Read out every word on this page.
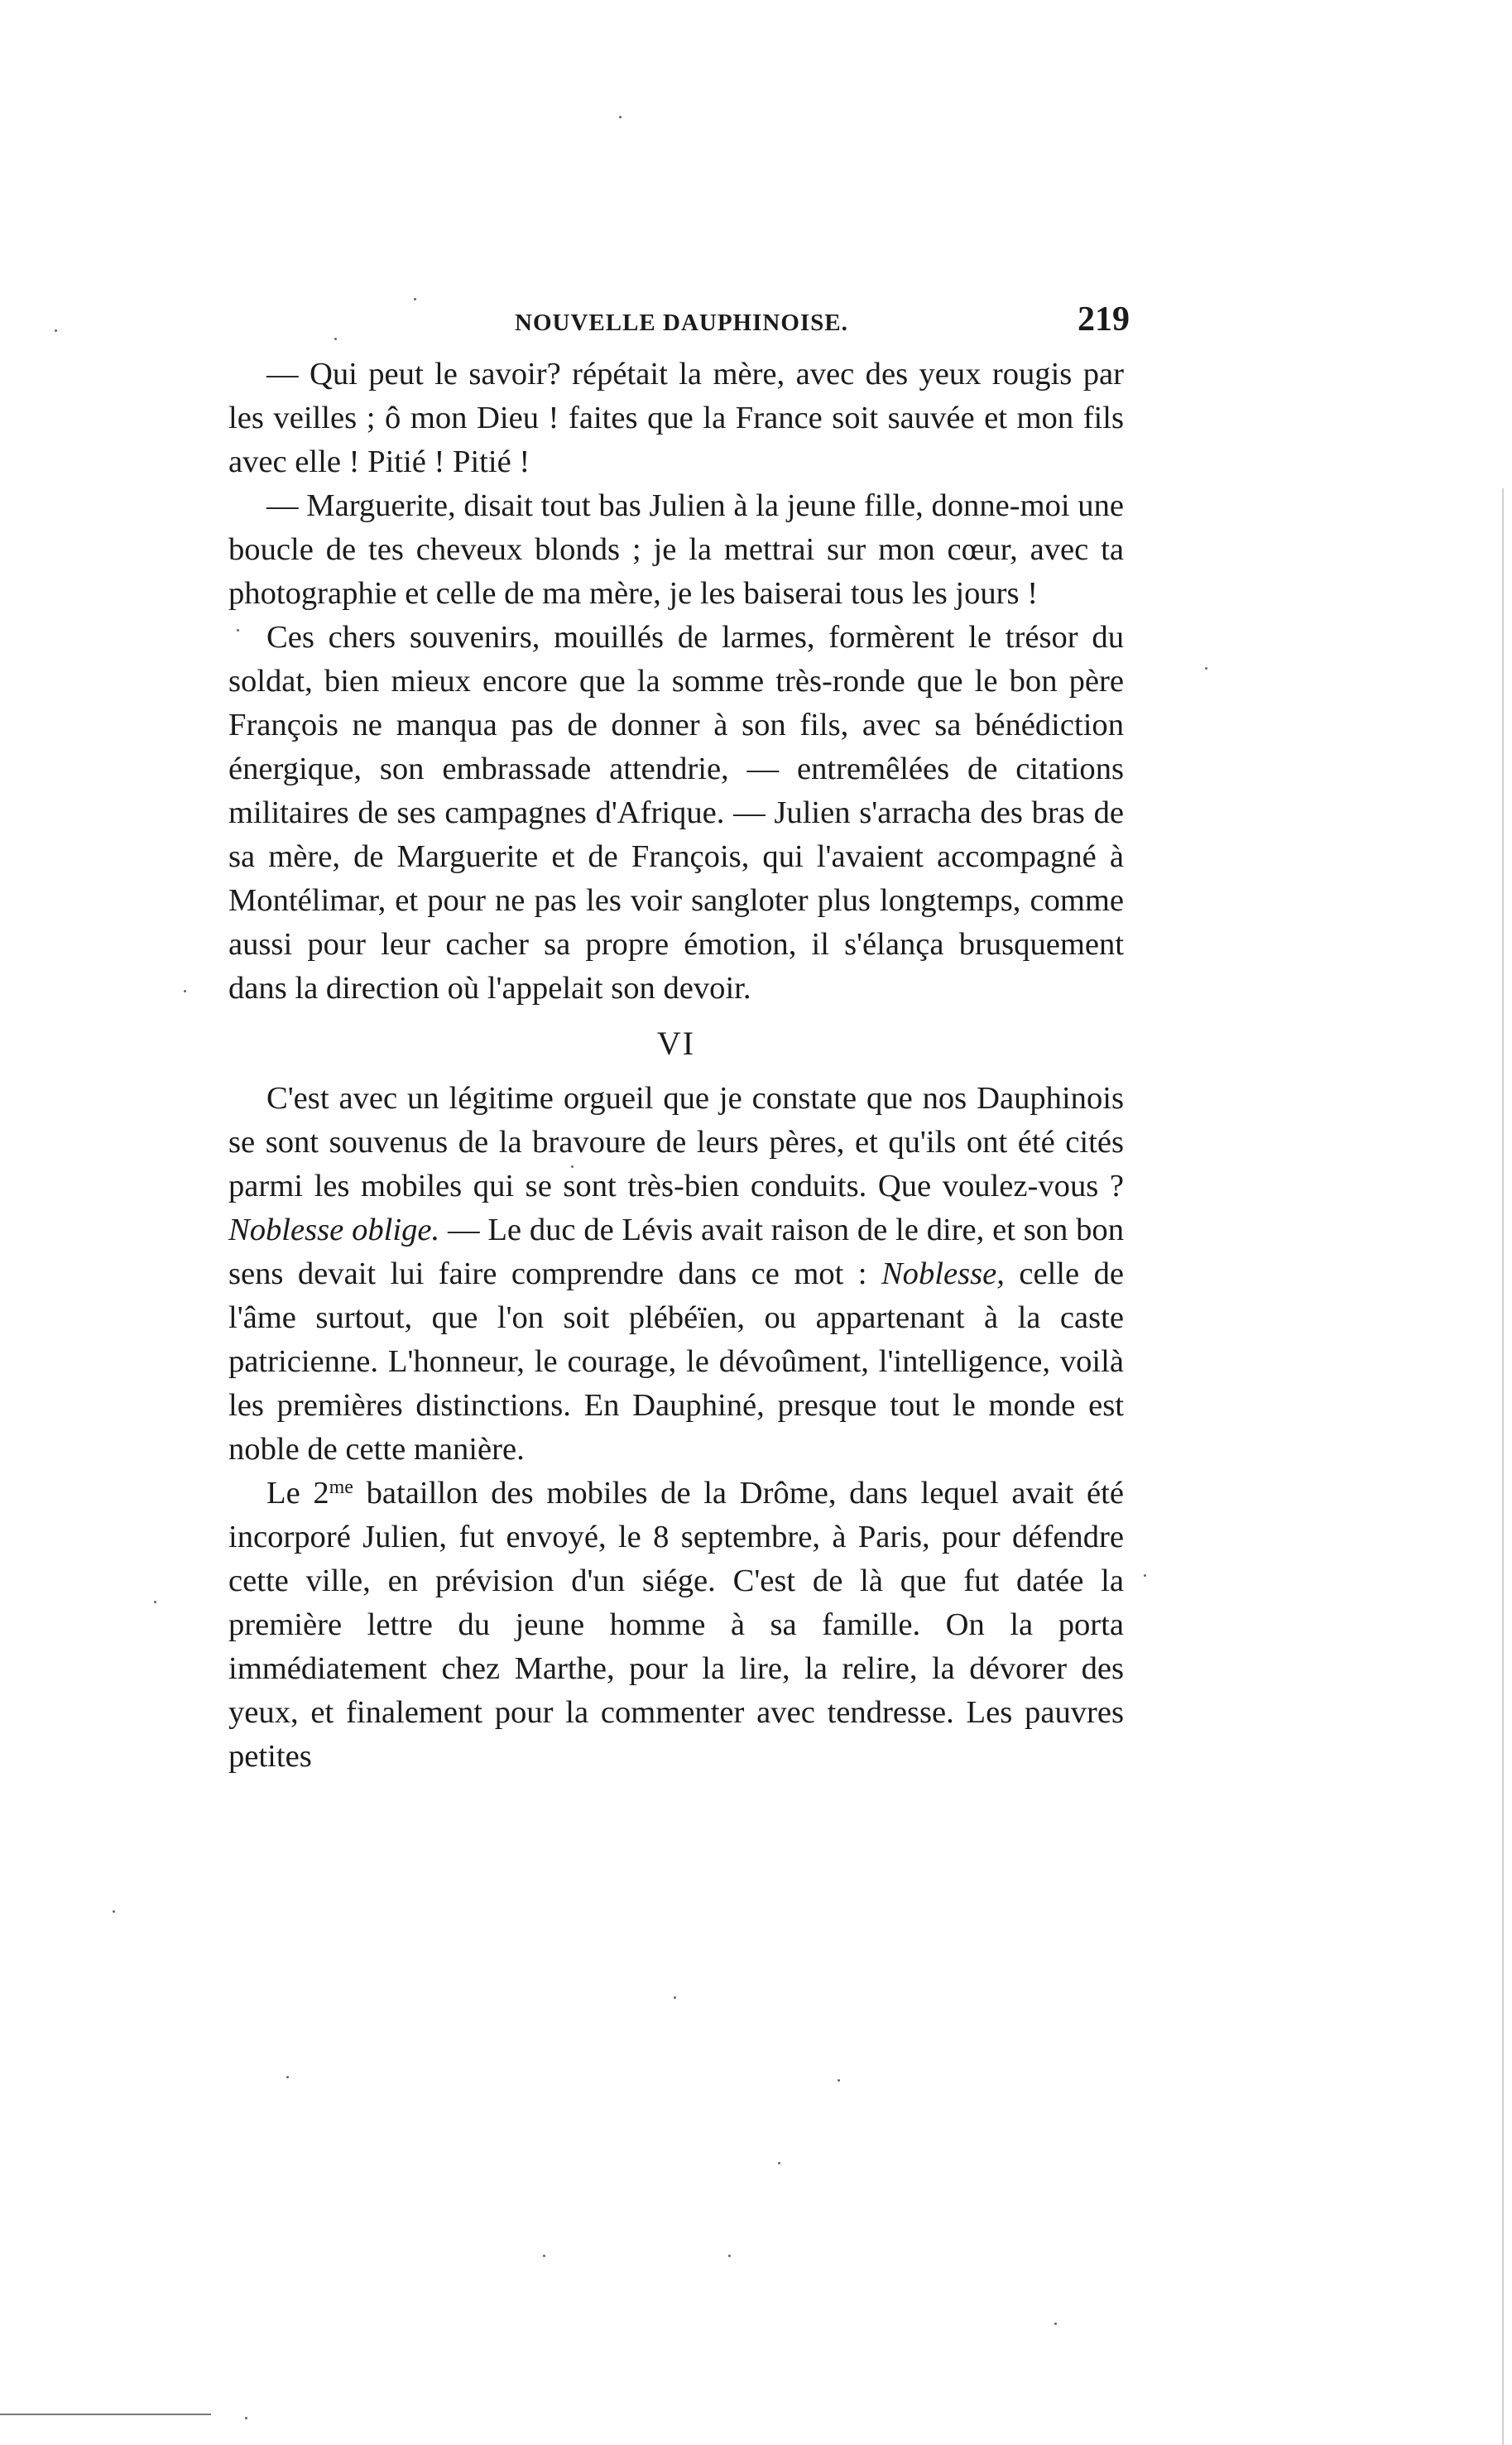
NOUVELLE DAUPHINOISE.	219

— Qui peut le savoir? répétait la mère, avec des yeux rougis par les veilles ; ô mon Dieu ! faites que la France soit sauvée et mon fils avec elle ! Pitié ! Pitié !

— Marguerite, disait tout bas Julien à la jeune fille, donne-moi une boucle de tes cheveux blonds ; je la mettrai sur mon cœur, avec ta photographie et celle de ma mère, je les baiserai tous les jours !

Ces chers souvenirs, mouillés de larmes, formèrent le trésor du soldat, bien mieux encore que la somme très-ronde que le bon père François ne manqua pas de donner à son fils, avec sa bénédiction énergique, son embrassade attendrie, — entremêlées de citations militaires de ses campagnes d'Afrique. — Julien s'arracha des bras de sa mère, de Marguerite et de François, qui l'avaient accompagné à Montélimar, et pour ne pas les voir sangloter plus longtemps, comme aussi pour leur cacher sa propre émotion, il s'élança brusquement dans la direction où l'appelait son devoir.

VI

C'est avec un légitime orgueil que je constate que nos Dauphinois se sont souvenus de la bravoure de leurs pères, et qu'ils ont été cités parmi les mobiles qui se sont très-bien conduits. Que voulez-vous ? Noblesse oblige. — Le duc de Lévis avait raison de le dire, et son bon sens devait lui faire comprendre dans ce mot : Noblesse, celle de l'âme surtout, que l'on soit plébéïen, ou appartenant à la caste patricienne. L'honneur, le courage, le dévoûment, l'intelligence, voilà les premières distinctions. En Dauphiné, presque tout le monde est noble de cette manière.

Le $2^{me}$ bataillon des mobiles de la Drôme, dans lequel avait été incorporé Julien, fut envoyé, le 8 septembre, à Paris, pour défendre cette ville, en prévision d'un siége. C'est de là que fut datée la première lettre du jeune homme à sa famille. On la porta immédiatement chez Marthe, pour la lire, la relire, la dévorer des yeux, et finalement pour la commenter avec tendresse. Les pauvres petites
